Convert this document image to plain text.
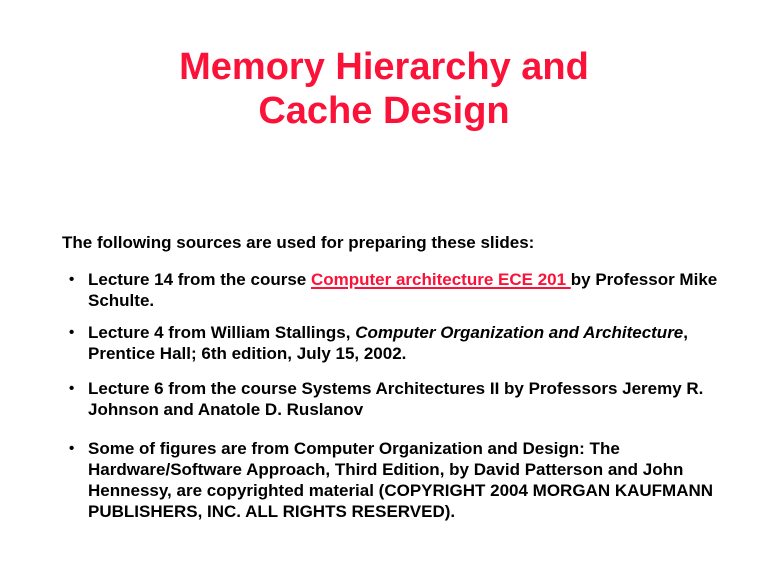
Memory Hierarchy and
Cache Design
The following sources are used for preparing these slides:
• Lecture 14 from the course Computer architecture ECE 201 by Professor Mike
Schulte.
• Lecture 4 from William Stallings, Computer Organization and Architecture,
Prentice Hall; 6th edition, July 15, 2002.
• Lecture 6 from the course Systems Architectures II by Professors Jeremy R.
Johnson and Anatole D. Ruslanov
• Some of figures are from Computer Organization and Design: The
Hardware/Software Approach, Third Edition, by David Patterson and John
Hennessy, are copyrighted material (COPYRIGHT 2004 MORGAN KAUFMANN
PUBLISHERS, INC. ALL RIGHTS RESERVED).
